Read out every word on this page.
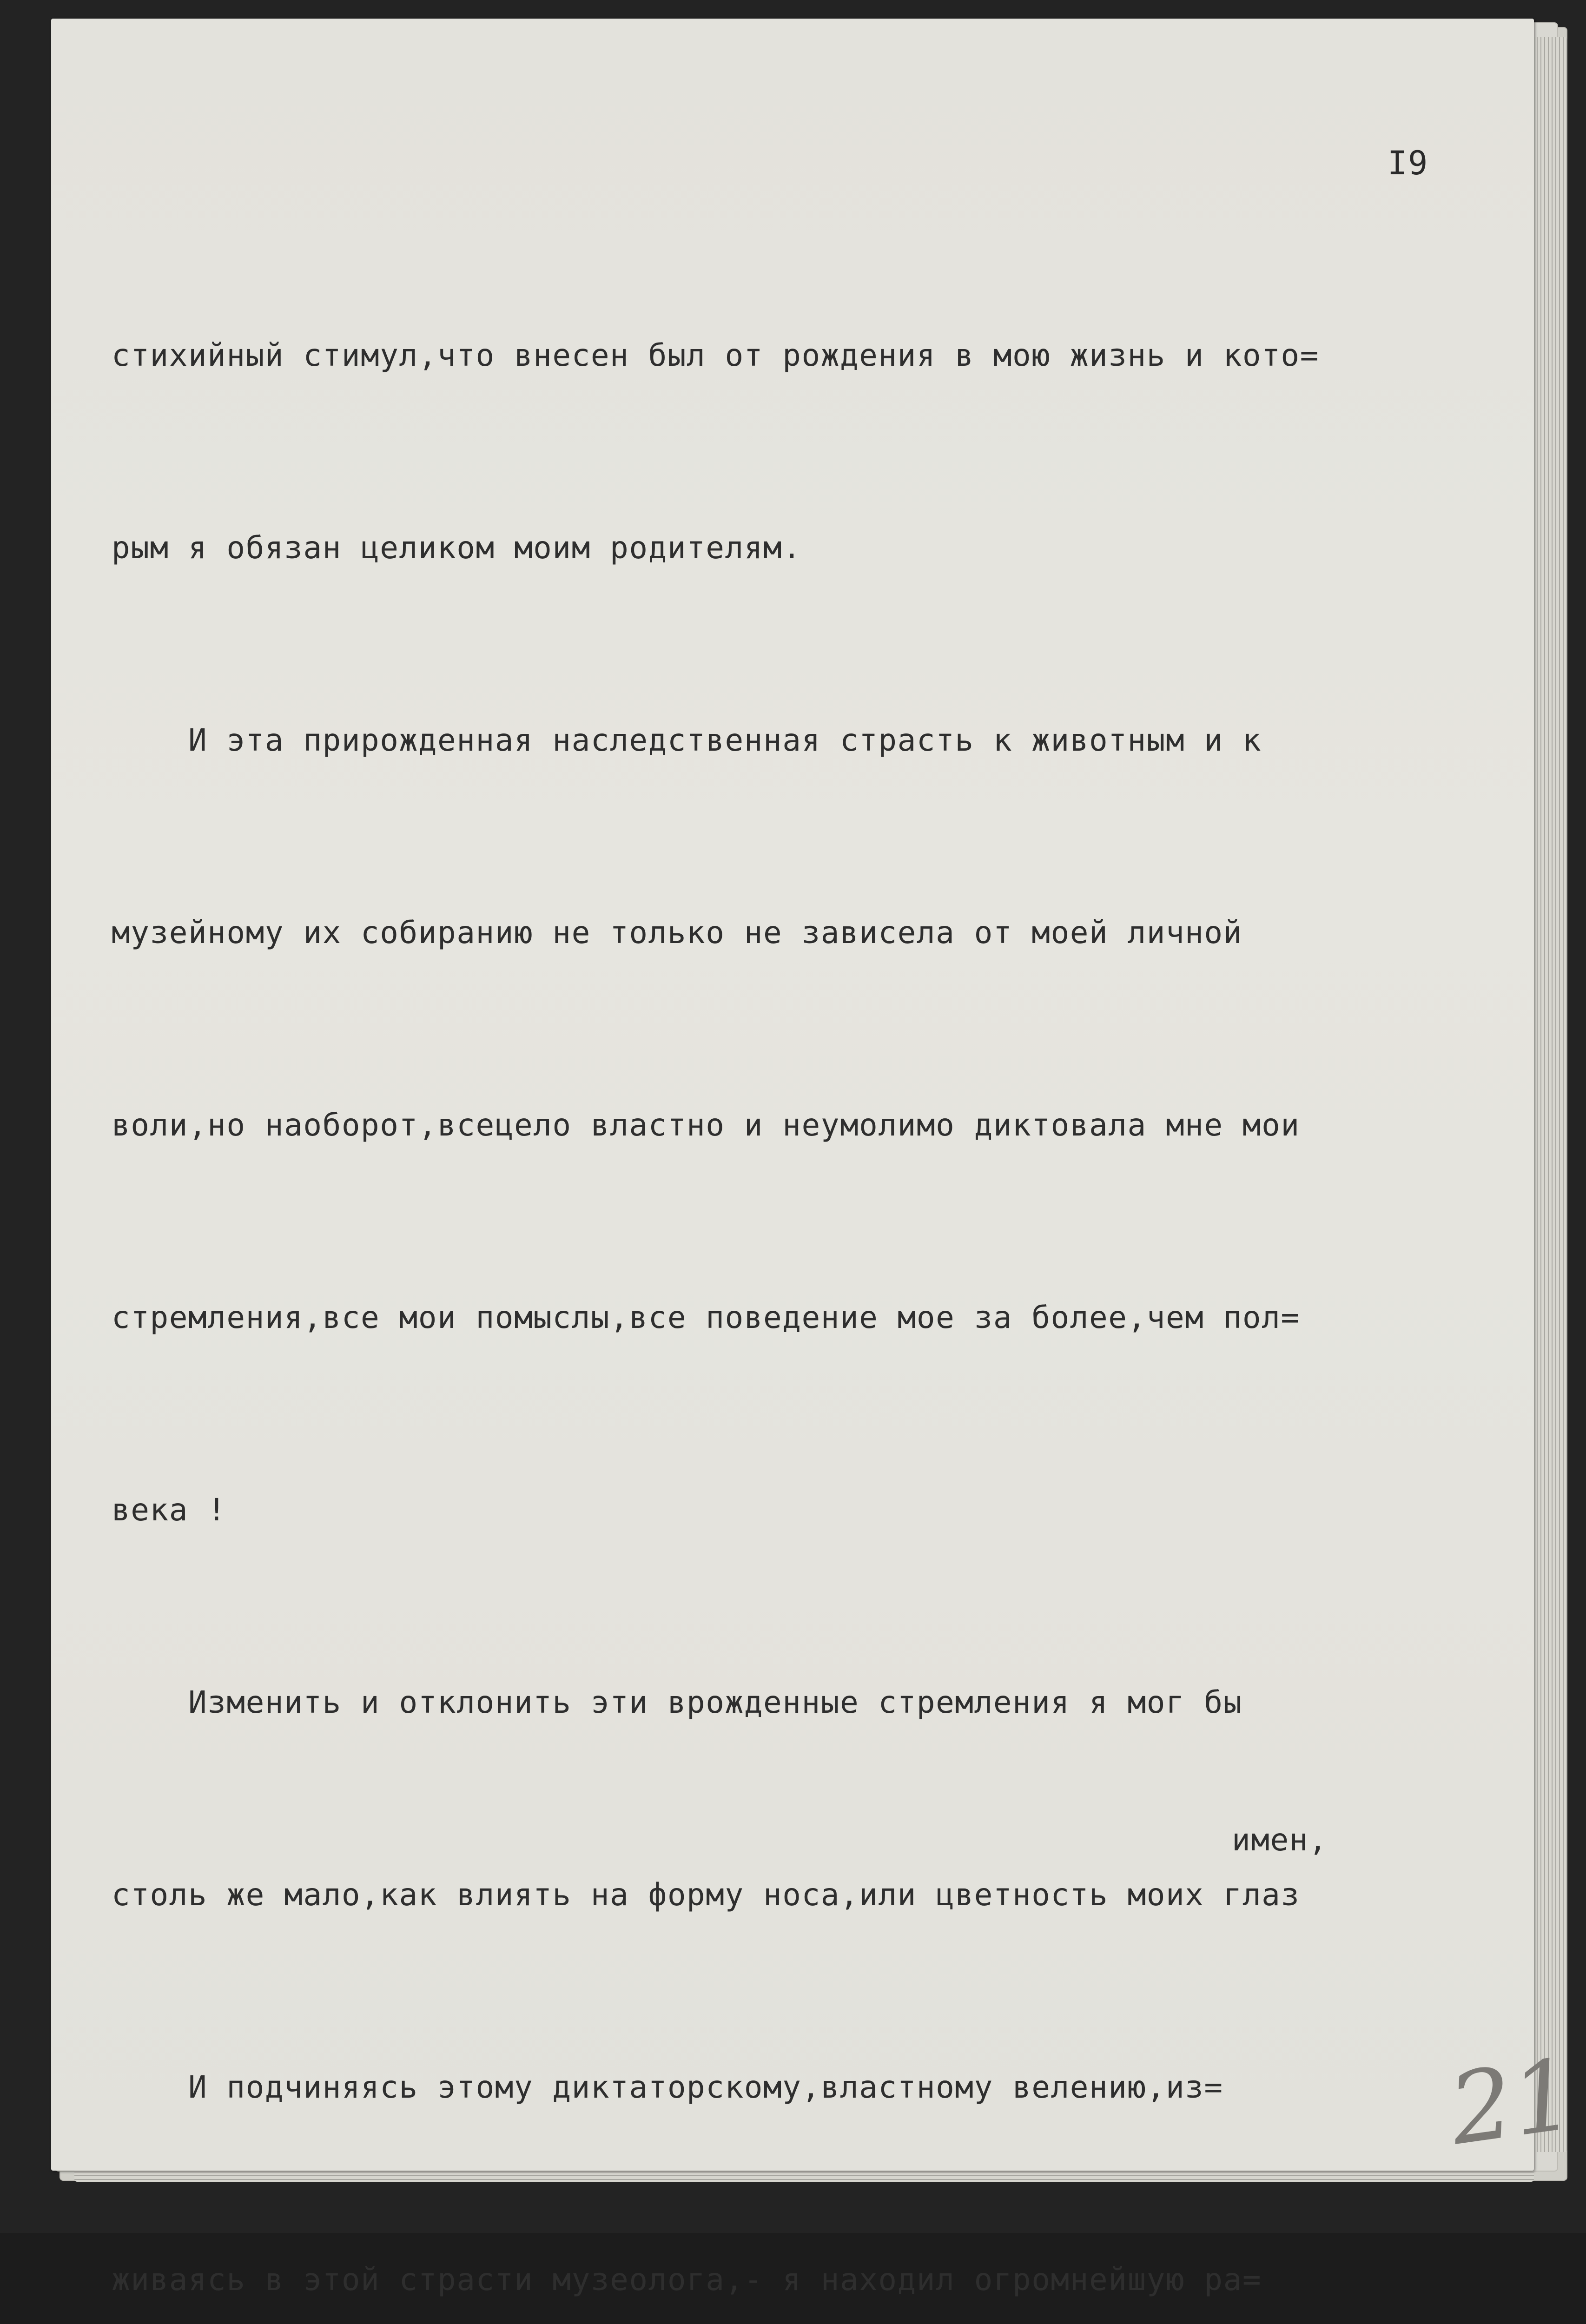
I9

стихийный стимул,что внесен был от рождения в мою жизнь и кото=

рым я обязан целиком моим родителям.

И эта прирожденная наследственная страсть к животным и к

музейному их собиранию не только не зависела от моей личной

воли,но наоборот,всецело властно и неумолимо диктовала мне мои

стремления,все мои помыслы,все поведение мое за более,чем пол=

века !

Изменить и отклонить эти врожденные стремления я мог бы

столь же мало,как влиять на форму носа,или цветность моих глаз

И подчиняясь этому диктаторскому,властному велению,из=

живаясь в этой страсти музеолога,- я находил огромнейшую ра=

имен,
21
